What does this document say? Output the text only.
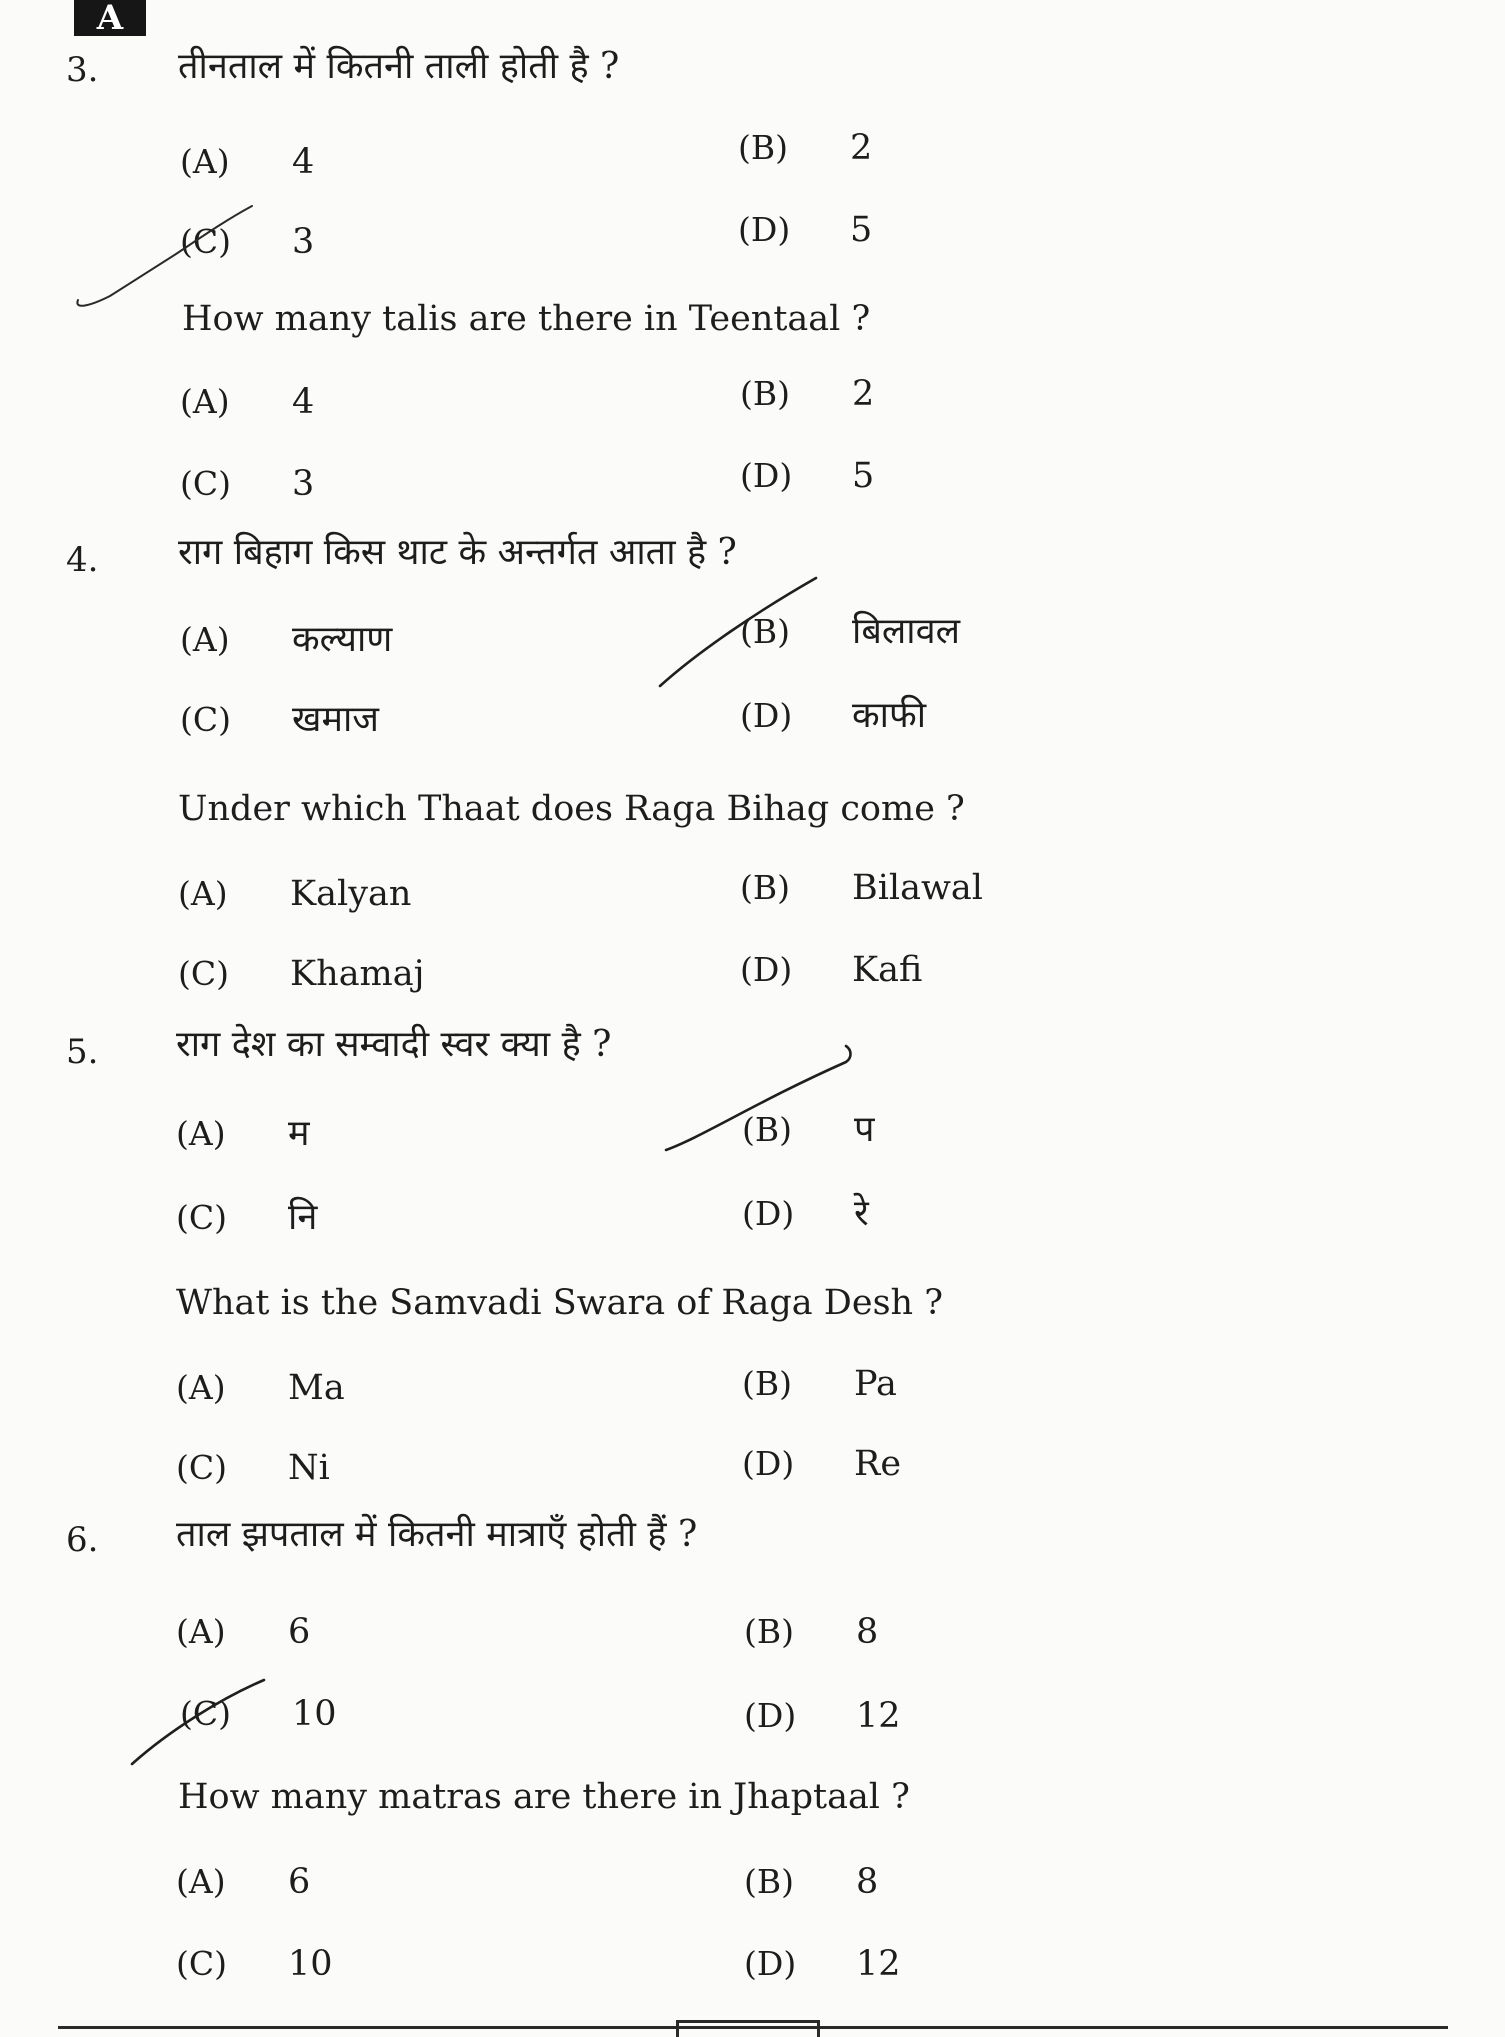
A
3.	तीनताल में कितनी ताली होती है ?
(A) 4	(B) 2
(C) 3	(D) 5
How many talis are there in Teentaal ?
(A) 4	(B) 2
(C) 3	(D) 5
4.	राग बिहाग किस थाट के अन्तर्गत आता है ?
(A) कल्याण	(B) बिलावल
(C) खमाज	(D) काफी
Under which Thaat does Raga Bihag come ?
(A) Kalyan	(B) Bilawal
(C) Khamaj	(D) Kafi
5.	राग देश का सम्वादी स्वर क्या है ?
(A) म	(B) प
(C) नि	(D) रे
What is the Samvadi Swara of Raga Desh ?
(A) Ma	(B) Pa
(C) Ni	(D) Re
6.	ताल झपताल में कितनी मात्राएँ होती हैं ?
(A) 6	(B) 8
(C) 10	(D) 12
How many matras are there in Jhaptaal ?
(A) 6	(B) 8
(C) 10	(D) 12
